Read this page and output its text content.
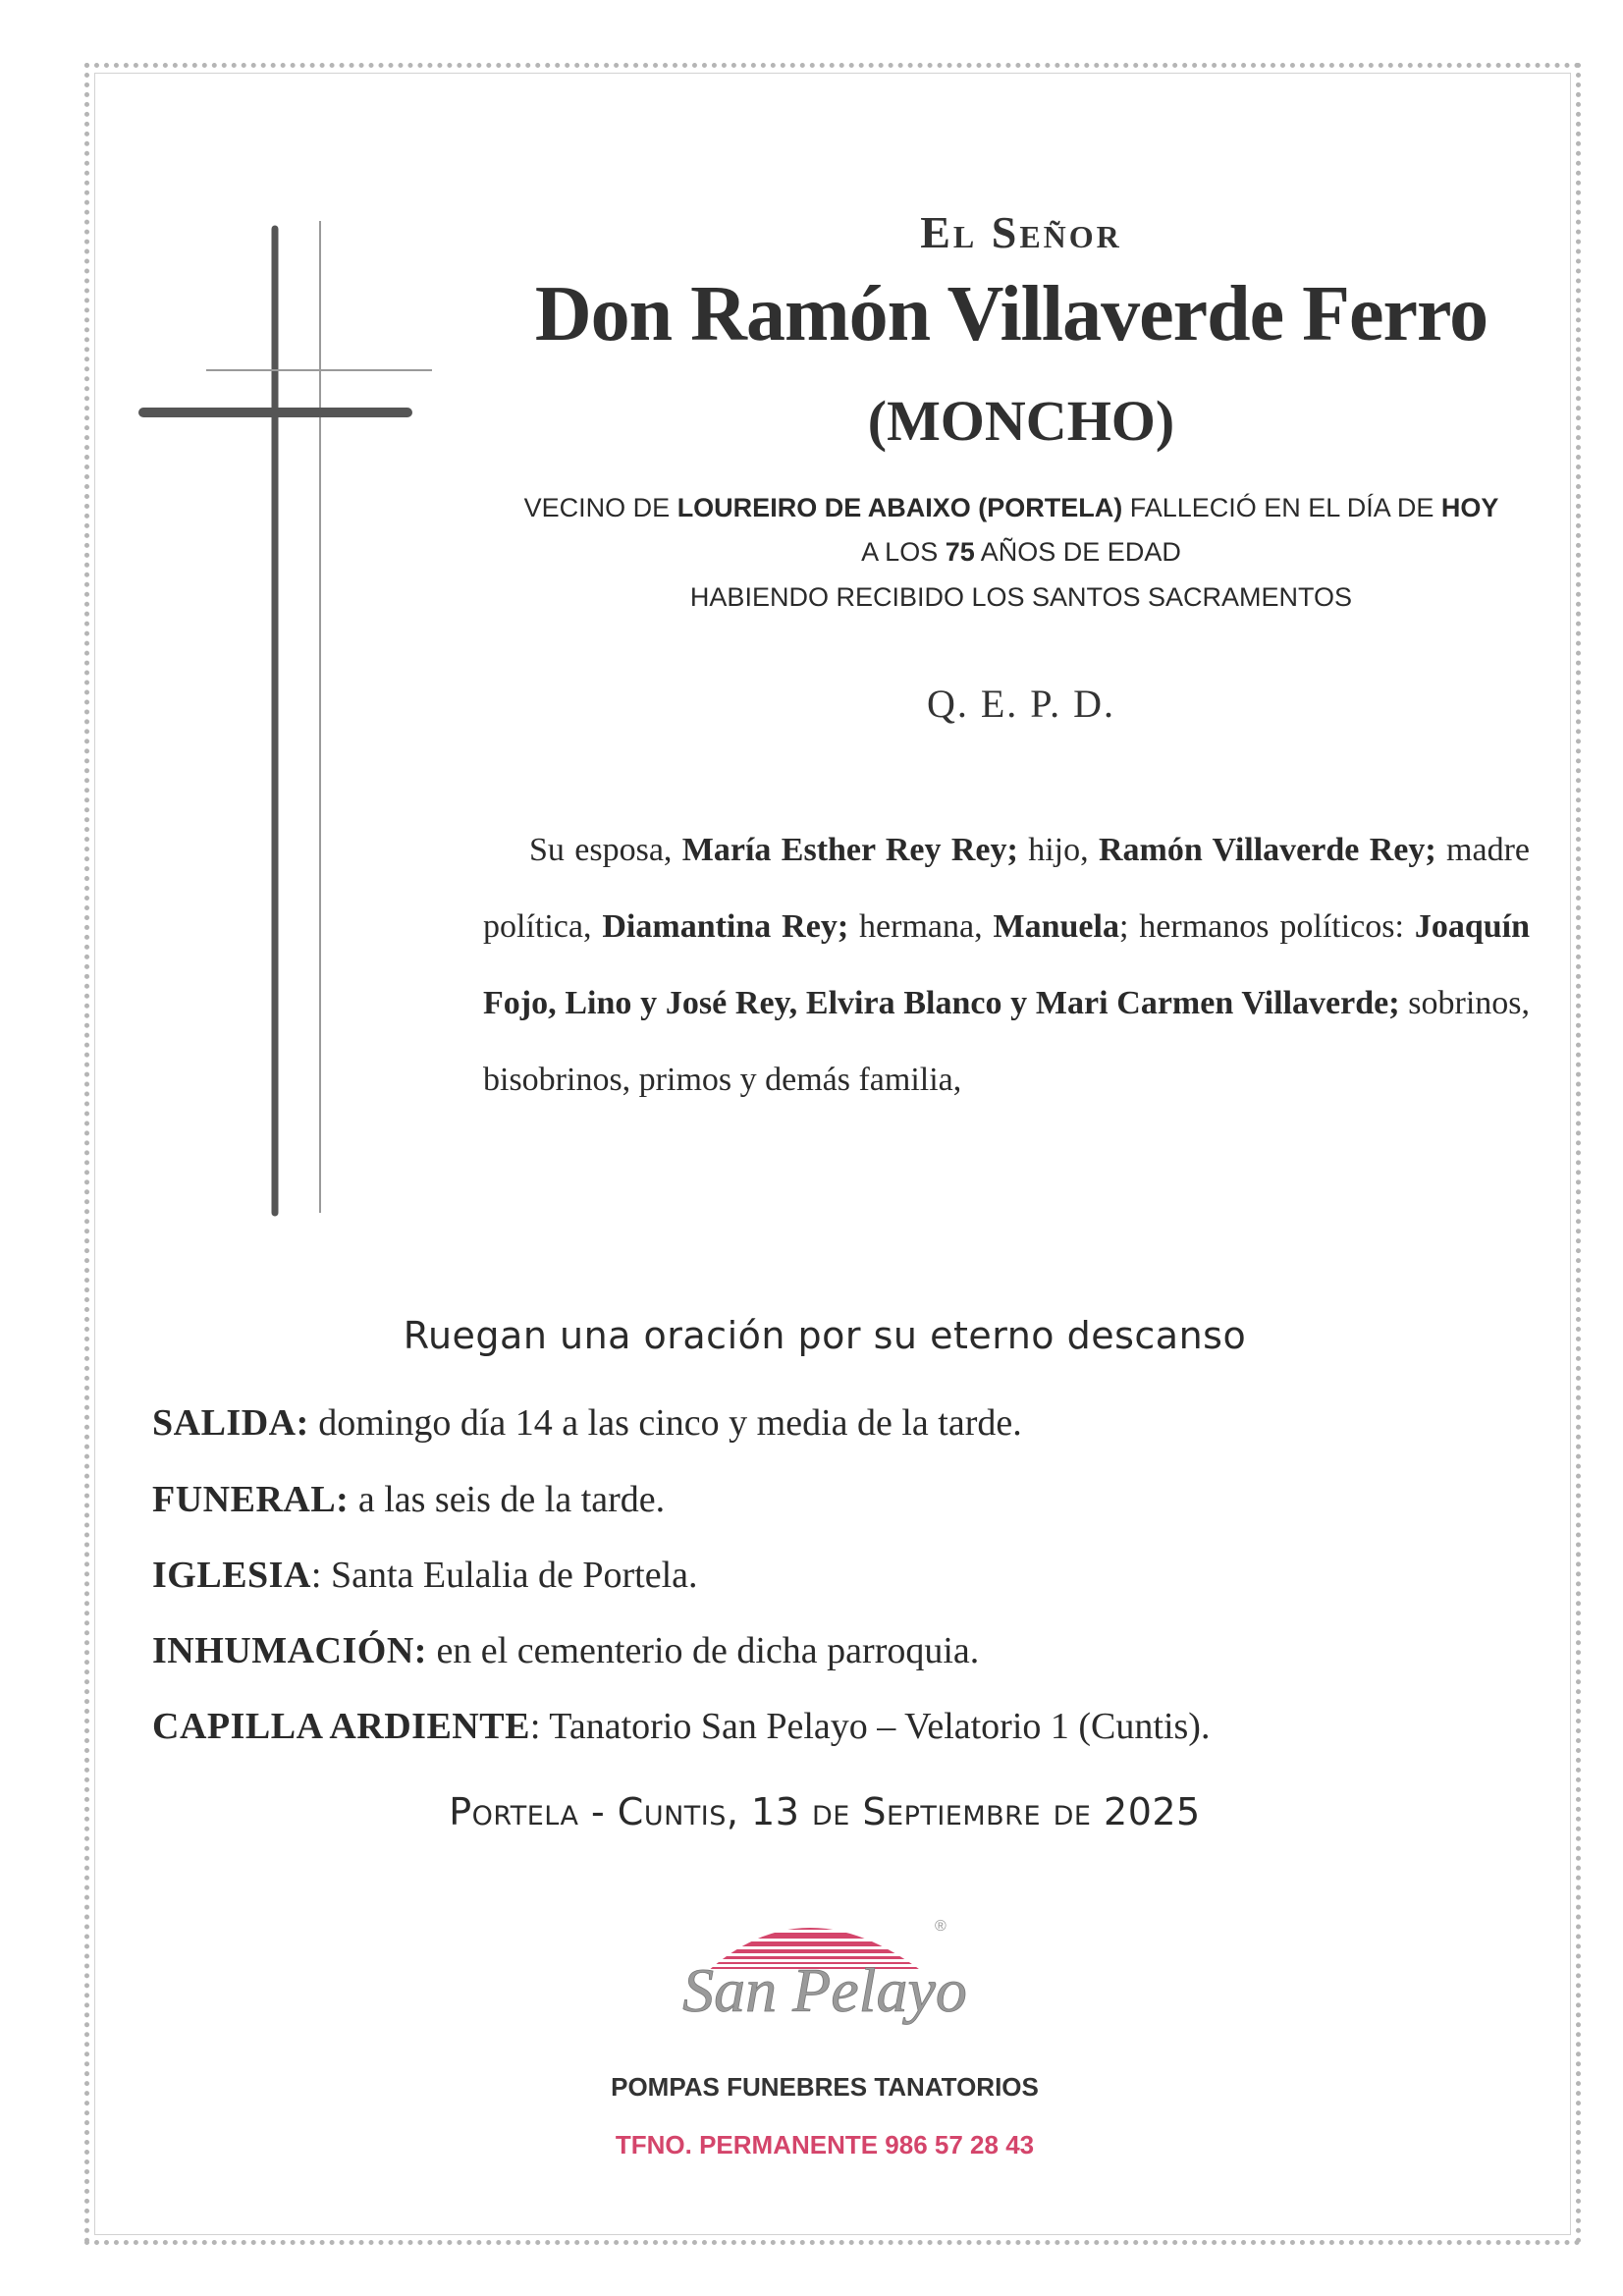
El Señor
Don Ramón Villaverde Ferro
(MONCHO)
VECINO DE LOUREIRO DE ABAIXO (PORTELA) FALLECIÓ EN EL DÍA DE HOY
A LOS 75 AÑOS DE EDAD
HABIENDO RECIBIDO LOS SANTOS SACRAMENTOS
Q. E. P. D.
Su esposa, María Esther Rey Rey; hijo, Ramón Villaverde Rey; madre política, Diamantina Rey; hermana, Manuela; hermanos políticos: Joaquín Fojo, Lino y José Rey, Elvira Blanco y Mari Carmen Villaverde; sobrinos, bisobrinos, primos y demás familia,
Ruegan una oración por su eterno descanso
SALIDA: domingo día 14 a las cinco y media de la tarde.
FUNERAL: a las seis de la tarde.
IGLESIA: Santa Eulalia de Portela.
INHUMACIÓN: en el cementerio de dicha parroquia.
CAPILLA ARDIENTE: Tanatorio San Pelayo – Velatorio 1 (Cuntis).
Portela - Cuntis, 13 de Septiembre de 2025
®
San Pelayo
POMPAS FUNEBRES TANATORIOS
TFNO. PERMANENTE 986 57 28 43
